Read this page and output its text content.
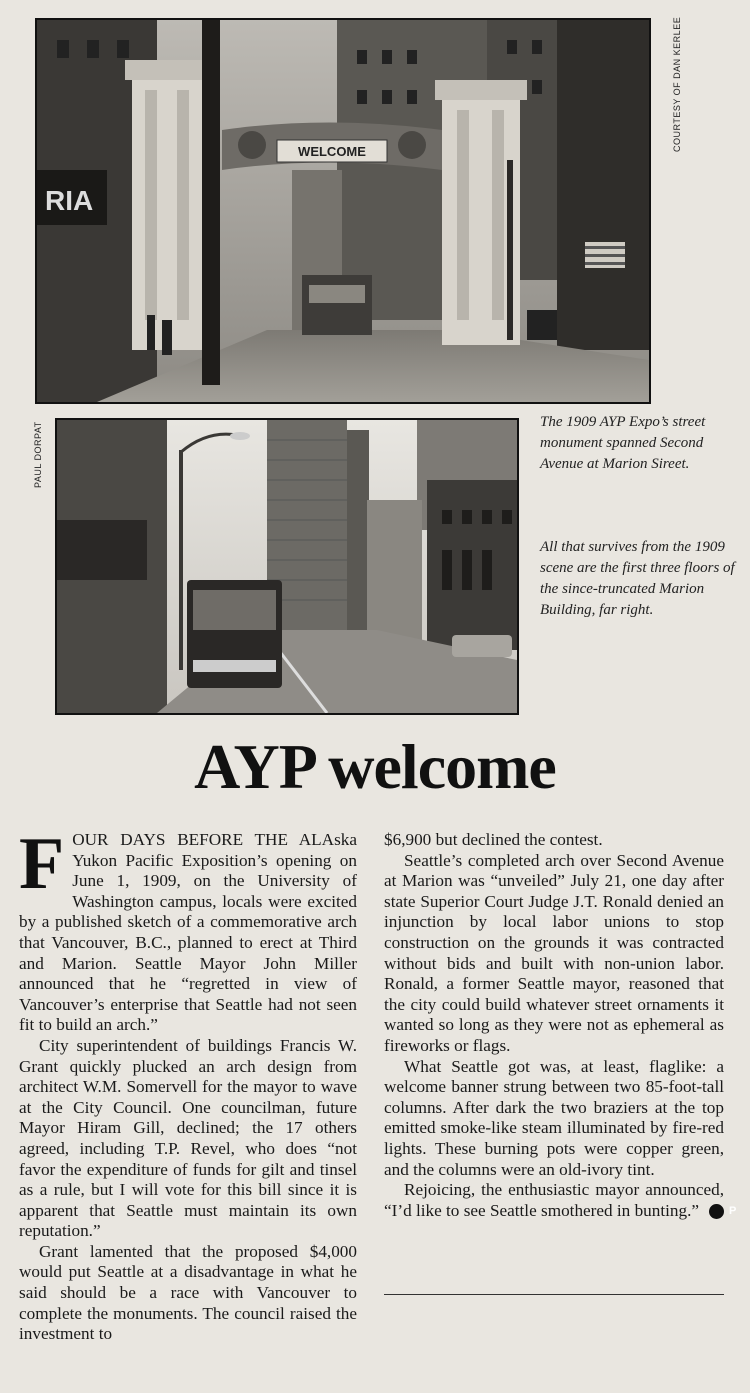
WELCOME
RIA
COURTESY OF DAN KERLEE
PAUL DORPAT	The 1909 AYP Expo’s street monument spanned Second Avenue at Marion Sireet.
All that survives from the 1909 scene are the first three floors of the since-truncated Marion Building, far right.
AYP welcome

FOUR DAYS BEFORE THE ALAska Yukon Pacific Exposition’s opening on June 1, 1909, on the University of Washington campus, locals were excited by a published sketch of a commemorative arch that Vancouver, B.C., planned to erect at Third and Marion. Seattle Mayor John Miller announced that he “regretted in view of Vancouver’s enterprise that Seattle had not seen fit to build an arch.”

City superintendent of buildings Francis W. Grant quickly plucked an arch design from architect W.M. Somervell for the mayor to wave at the City Council. One councilman, future Mayor Hiram Gill, declined; the 17 others agreed, including T.P. Revel, who does “not favor the expenditure of funds for gilt and tinsel as a rule, but I will vote for this bill since it is apparent that Seattle must maintain its own reputation.”

Grant lamented that the proposed $4,000 would put Seattle at a disadvantage in what he said should be a race with Vancouver to complete the monuments. The council raised the investment to

$6,900 but declined the contest.

Seattle’s completed arch over Second Avenue at Marion was “unveiled” July 21, one day after state Superior Court Judge J.T. Ronald denied an injunction by local labor unions to stop construction on the grounds it was contracted without bids and built with non-union labor. Ronald, a former Seattle mayor, reasoned that the city could build whatever street ornaments it wanted so long as they were not as ephemeral as fireworks or flags.

What Seattle got was, at least, flaglike: a welcome banner strung between two 85-foot-tall columns. After dark the two braziers at the top emitted smoke-like steam illuminated by fire-red lights. These burning pots were copper green, and the columns were an old-ivory tint.

Rejoicing, the enthusiastic mayor announced, “I’d like to see Seattle smothered in bunting.”	P
